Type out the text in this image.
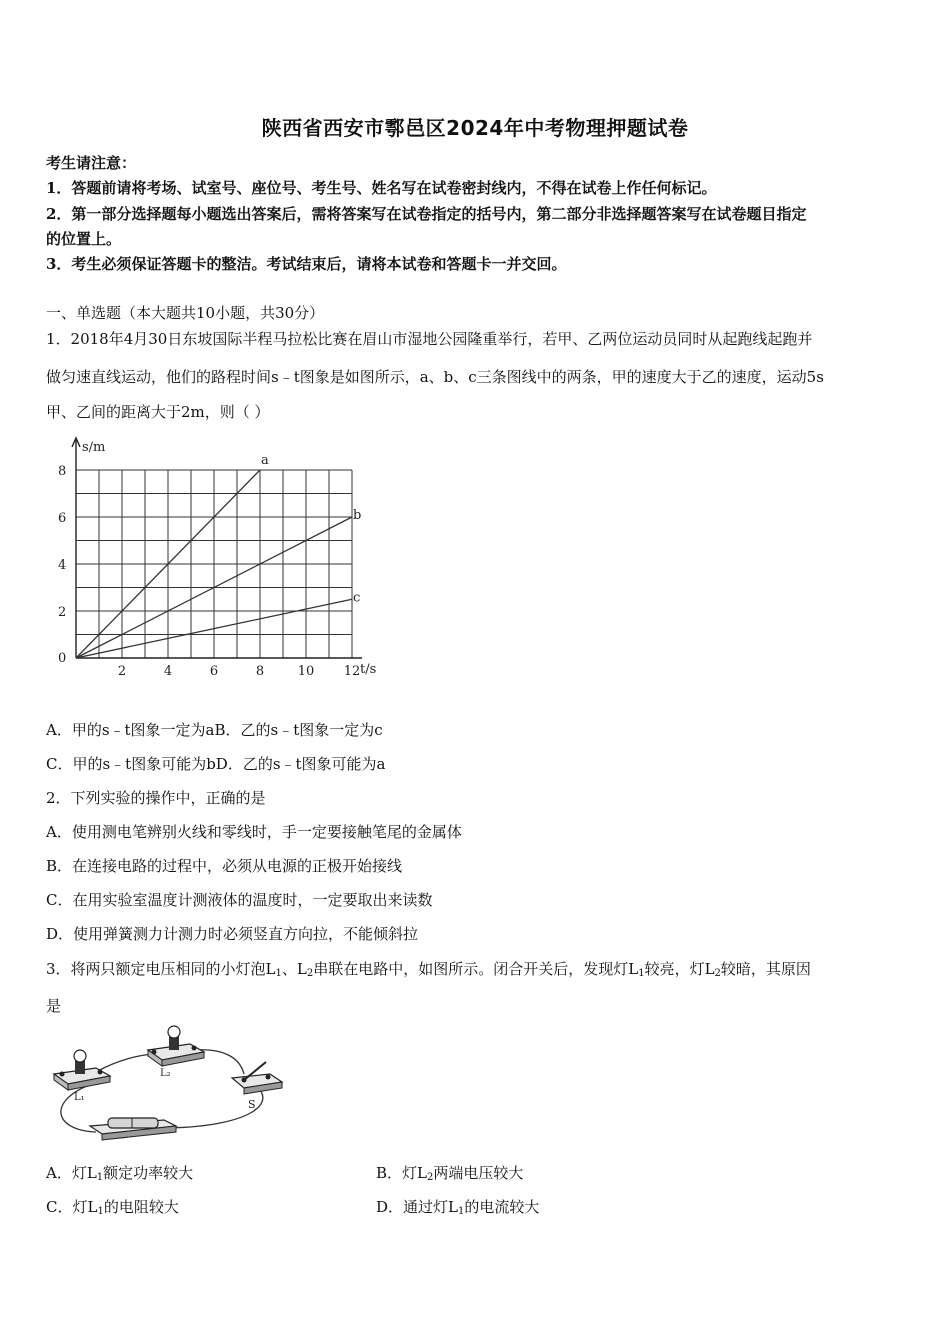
陕西省西安市鄠邑区2024年中考物理押题试卷
考生请注意：
1．答题前请将考场、试室号、座位号、考生号、姓名写在试卷密封线内，不得在试卷上作任何标记。
2．第一部分选择题每小题选出答案后，需将答案写在试卷指定的括号内，第二部分非选择题答案写在试卷题目指定
的位置上。
3．考生必须保证答题卡的整洁。考试结束后，请将本试卷和答题卡一并交回。
一、单选题（本大题共10小题，共30分）
1．2018年4月30日东坡国际半程马拉松比赛在眉山市湿地公园隆重举行，若甲、乙两位运动员同时从起跑线起跑并
做匀速直线运动，他们的路程时间s﹣t图象是如图所示，a、b、c三条图线中的两条，甲的速度大于乙的速度，运动5s
甲、乙间的距离大于2m，则（ ）
a
b
c
2	4	6	8	10 12
2
4
6
8
s/m
t/s
0
A．甲的s﹣t图象一定为aB．乙的s﹣t图象一定为c
C．甲的s﹣t图象可能为bD．乙的s﹣t图象可能为a
2．下列实验的操作中，正确的是
A．使用测电笔辨别火线和零线时，手一定要接触笔尾的金属体
B．在连接电路的过程中，必须从电源的正极开始接线
C．在用实验室温度计测液体的温度时，一定要取出来读数
D．使用弹簧测力计测力时必须竖直方向拉，不能倾斜拉
3．将两只额定电压相同的小灯泡$L_1$、$L_2$串联在电路中，如图所示。闭合开关后，发现灯$L_1$较亮，灯$L_2$较暗，其原因
是
L₁
L₂
S
A．灯$L_1$额定功率较大	B．灯$L_2$两端电压较大
C．灯$L_1$的电阻较大	D．通过灯$L_1$的电流较大
